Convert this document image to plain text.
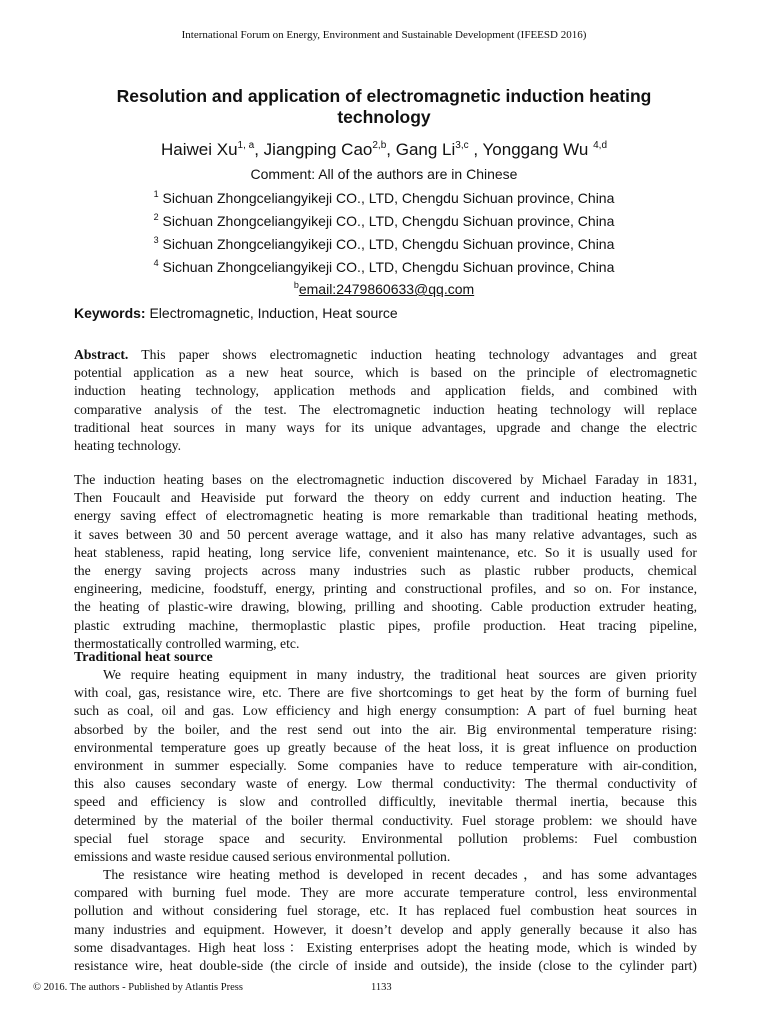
International Forum on Energy, Environment and Sustainable Development (IFEESD 2016)
Resolution and application of electromagnetic induction heating
technology
Haiwei Xu$^{1, a}$, Jiangping Cao$^{2,b}$, Gang Li$^{3,c}$ , Yonggang Wu $^{4,d}$
Comment: All of the authors are in Chinese
$^1$ Sichuan Zhongceliangyikeji CO., LTD, Chengdu Sichuan province, China
$^2$ Sichuan Zhongceliangyikeji CO., LTD, Chengdu Sichuan province, China
$^3$ Sichuan Zhongceliangyikeji CO., LTD, Chengdu Sichuan province, China
$^4$ Sichuan Zhongceliangyikeji CO., LTD, Chengdu Sichuan province, China
$^b$email:2479860633@qq.com
Keywords: Electromagnetic, Induction, Heat source
Abstract. This paper shows electromagnetic induction heating technology advantages and great
potential application as a new heat source, which is based on the principle of electromagnetic
induction heating technology, application methods and application fields, and combined with
comparative analysis of the test. The electromagnetic induction heating technology will replace
traditional heat sources in many ways for its unique advantages, upgrade and change the electric
heating technology.
The induction heating bases on the electromagnetic induction discovered by Michael Faraday in 1831,
Then Foucault and Heaviside put forward the theory on eddy current and induction heating. The
energy saving effect of electromagnetic heating is more remarkable than traditional heating methods,
it saves between 30 and 50 percent average wattage, and it also has many relative advantages, such as
heat stableness, rapid heating, long service life, convenient maintenance, etc. So it is usually used for
the energy saving projects across many industries such as plastic rubber products, chemical
engineering, medicine, foodstuff, energy, printing and constructional profiles, and so on. For instance,
the heating of plastic-wire drawing, blowing, prilling and shooting. Cable production extruder heating,
plastic extruding machine, thermoplastic plastic pipes, profile production. Heat tracing pipeline,
thermostatically controlled warming, etc.
Traditional heat source
We require heating equipment in many industry, the traditional heat sources are given priority
with coal, gas, resistance wire, etc. There are five shortcomings to get heat by the form of burning fuel
such as coal, oil and gas. Low efficiency and high energy consumption: A part of fuel burning heat
absorbed by the boiler, and the rest send out into the air. Big environmental temperature rising:
environmental temperature goes up greatly because of the heat loss, it is great influence on production
environment in summer especially. Some companies have to reduce temperature with air-condition,
this also causes secondary waste of energy. Low thermal conductivity: The thermal conductivity of
speed and efficiency is slow and controlled difficultly, inevitable thermal inertia, because this
determined by the material of the boiler thermal conductivity. Fuel storage problem: we should have
special fuel storage space and security. Environmental pollution problems: Fuel combustion
emissions and waste residue caused serious environmental pollution.
The resistance wire heating method is developed in recent decades，and has some advantages
compared with burning fuel mode. They are more accurate temperature control, less environmental
pollution and without considering fuel storage, etc. It has replaced fuel combustion heat sources in
many industries and equipment. However, it doesn’t develop and apply generally because it also has
some disadvantages. High heat loss：Existing enterprises adopt the heating mode, which is winded by
resistance wire, heat double-side (the circle of inside and outside), the inside (close to the cylinder part)
© 2016. The authors - Published by Atlantis Press	1133
